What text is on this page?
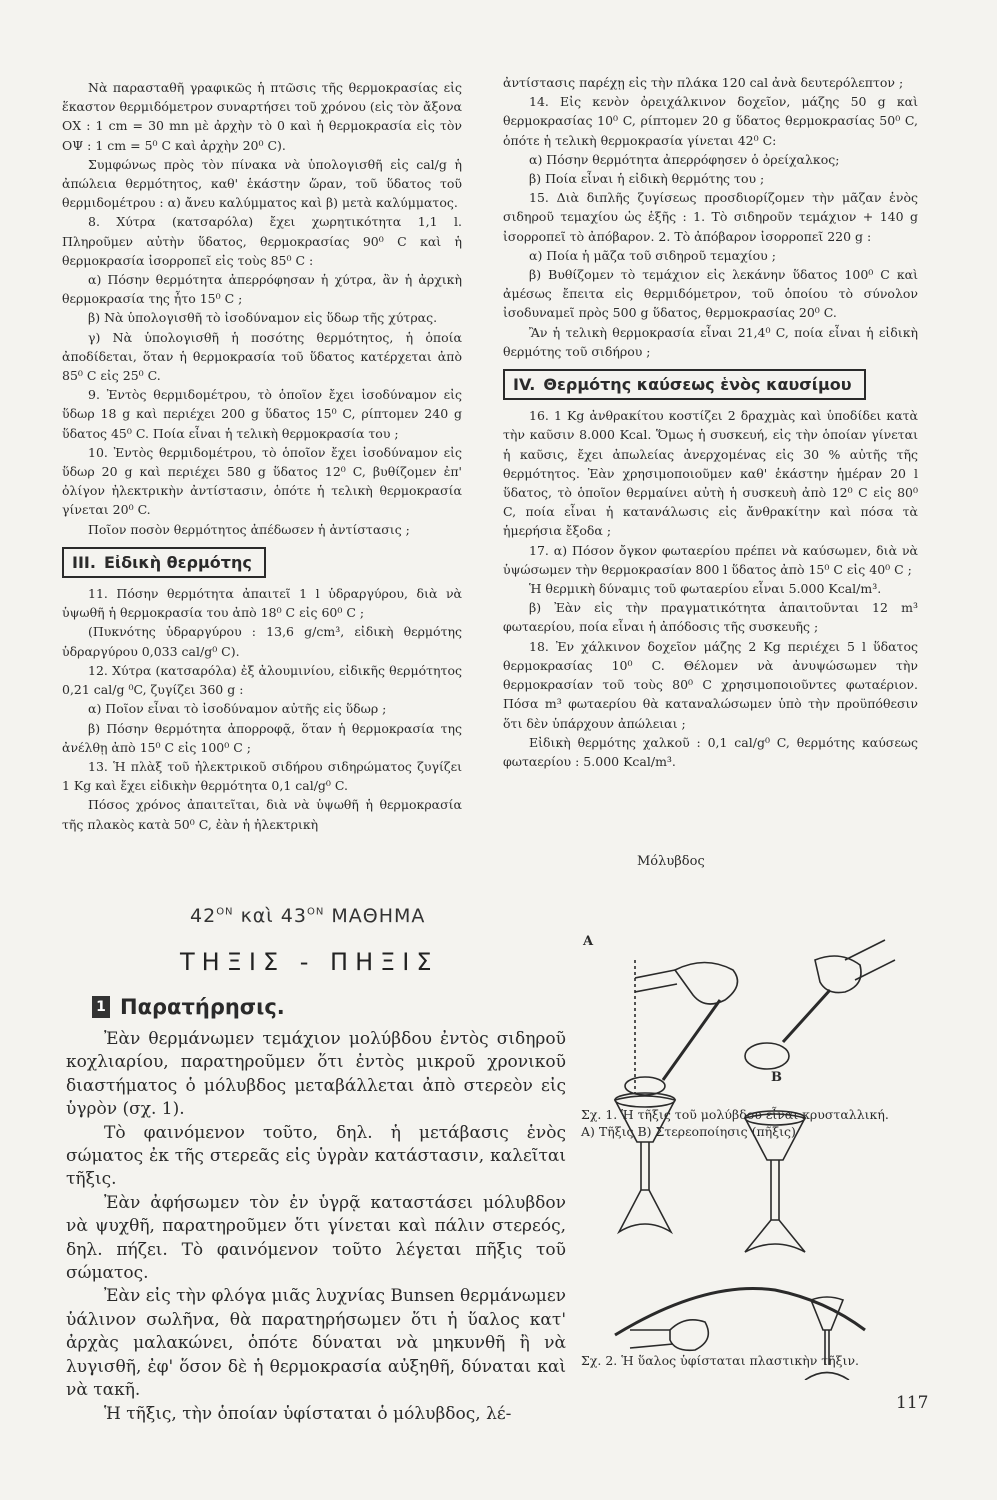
Νὰ παρασταθῆ γραφικῶς ἡ πτῶσις τῆς θερμοκρασίας εἰς ἕκαστον θερμιδόμετρον συναρτήσει τοῦ χρόνου (εἰς τὸν ἄξονα ΟΧ : 1 cm = 30 mn μὲ ἀρχὴν τὸ 0 καὶ ἡ θερμοκρασία εἰς τὸν ΟΨ : 1 cm = 5⁰ C καὶ ἀρχὴν 20⁰ C).

Συμφώνως πρὸς τὸν πίνακα νὰ ὑπολογισθῆ εἰς cal/g ἡ ἀπώλεια θερμότητος, καθ' ἑκάστην ὥραν, τοῦ ὕδατος τοῦ θερμιδομέτρου : α) ἄνευ καλύμματος καὶ β) μετὰ καλύμματος.

8. Χύτρα (κατσαρόλα) ἔχει χωρητικότητα 1,1 l. Πληροῦμεν αὐτὴν ὕδατος, θερμοκρασίας 90⁰ C καὶ ἡ θερμοκρασία ἰσορροπεῖ εἰς τοὺς 85⁰ C :

α) Πόσην θερμότητα ἀπερρόφησαν ἡ χύτρα, ἂν ἡ ἀρχικὴ θερμοκρασία της ἦτο 15⁰ C ;

β) Νὰ ὑπολογισθῆ τὸ ἰσοδύναμον εἰς ὕδωρ τῆς χύτρας.

γ) Νὰ ὑπολογισθῆ ἡ ποσότης θερμότητος, ἡ ὁποία ἀποδίδεται, ὅταν ἡ θερμοκρασία τοῦ ὕδατος κατέρχεται ἀπὸ 85⁰ C εἰς 25⁰ C.

9. Ἐντὸς θερμιδομέτρου, τὸ ὁποῖον ἔχει ἰσοδύναμον εἰς ὕδωρ 18 g καὶ περιέχει 200 g ὕδατος 15⁰ C, ρίπτομεν 240 g ὕδατος 45⁰ C. Ποία εἶναι ἡ τελικὴ θερμοκρασία του ;

10. Ἐντὸς θερμιδομέτρου, τὸ ὁποῖον ἔχει ἰσοδύναμον εἰς ὕδωρ 20 g καὶ περιέχει 580 g ὕδατος 12⁰ C, βυθίζομεν ἐπ' ὀλίγον ἠλεκτρικὴν ἀντίστασιν, ὁπότε ἡ τελικὴ θερμοκρασία γίνεται 20⁰ C.

Ποῖον ποσὸν θερμότητος ἀπέδωσεν ἡ ἀντίστασις ;

III. Εἰδικὴ θερμότης

11. Πόσην θερμότητα ἀπαιτεῖ 1 l ὑδραργύρου, διὰ νὰ ὑψωθῆ ἡ θερμοκρασία του ἀπὸ 18⁰ C εἰς 60⁰ C ;

(Πυκνότης ὑδραργύρου : 13,6 g/cm³, εἰδικὴ θερμότης ὑδραργύρου 0,033 cal/g⁰ C).

12. Χύτρα (κατσαρόλα) ἐξ ἀλουμινίου, εἰδικῆς θερμότητος 0,21 cal/g ⁰C, ζυγίζει 360 g :

α) Ποῖον εἶναι τὸ ἰσοδύναμον αὐτῆς εἰς ὕδωρ ;

β) Πόσην θερμότητα ἀπορροφᾷ, ὅταν ἡ θερμοκρασία της ἀνέλθῃ ἀπὸ 15⁰ C εἰς 100⁰ C ;

13. Ἡ πλὰξ τοῦ ἠλεκτρικοῦ σιδήρου σιδηρώματος ζυγίζει 1 Kg καὶ ἔχει εἰδικὴν θερμότητα 0,1 cal/g⁰ C.

Πόσος χρόνος ἀπαιτεῖται, διὰ νὰ ὑψωθῆ ἡ θερμοκρασία τῆς πλακὸς κατὰ 50⁰ C, ἐὰν ἡ ἠλεκτρικὴ

ἀντίστασις παρέχῃ εἰς τὴν πλάκα 120 cal ἀνὰ δευτερόλεπτον ;

14. Εἰς κενὸν ὀρειχάλκινον δοχεῖον, μάζης 50 g καὶ θερμοκρασίας 10⁰ C, ρίπτομεν 20 g ὕδατος θερμοκρασίας 50⁰ C, ὁπότε ἡ τελικὴ θερμοκρασία γίνεται 42⁰ C:

α) Πόσην θερμότητα ἀπερρόφησεν ὁ ὀρείχαλκος;

β) Ποία εἶναι ἡ εἰδικὴ θερμότης του ;

15. Διὰ διπλῆς ζυγίσεως προσδιορίζομεν τὴν μᾶζαν ἑνὸς σιδηροῦ τεμαχίου ὡς ἑξῆς : 1. Τὸ σιδηροῦν τεμάχιον + 140 g ἰσορροπεῖ τὸ ἀπόβαρον. 2. Τὸ ἀπόβαρον ἰσορροπεῖ 220 g :

α) Ποία ἡ μᾶζα τοῦ σιδηροῦ τεμαχίου ;

β) Βυθίζομεν τὸ τεμάχιον εἰς λεκάνην ὕδατος 100⁰ C καὶ ἀμέσως ἔπειτα εἰς θερμιδόμετρον, τοῦ ὁποίου τὸ σύνολον ἰσοδυναμεῖ πρὸς 500 g ὕδατος, θερμοκρασίας 20⁰ C.

Ἂν ἡ τελικὴ θερμοκρασία εἶναι 21,4⁰ C, ποία εἶναι ἡ εἰδικὴ θερμότης τοῦ σιδήρου ;

IV. Θερμότης καύσεως ἑνὸς καυσίμου

16. 1 Kg ἀνθρακίτου κοστίζει 2 δραχμὰς καὶ ὑποδίδει κατὰ τὴν καῦσιν 8.000 Kcal. Ὅμως ἡ συσκευή, εἰς τὴν ὁποίαν γίνεται ἡ καῦσις, ἔχει ἀπωλείας ἀνερχομένας εἰς 30 % αὐτῆς τῆς θερμότητος. Ἐὰν χρησιμοποιοῦμεν καθ' ἑκάστην ἡμέραν 20 l ὕδατος, τὸ ὁποῖον θερμαίνει αὐτὴ ἡ συσκευὴ ἀπὸ 12⁰ C εἰς 80⁰ C, ποία εἶναι ἡ κατανάλωσις εἰς ἄνθρακίτην καὶ πόσα τὰ ἡμερήσια ἔξοδα ;

17. α) Πόσον ὄγκον φωταερίου πρέπει νὰ καύσωμεν, διὰ νὰ ὑψώσωμεν τὴν θερμοκρασίαν 800 l ὕδατος ἀπὸ 15⁰ C εἰς 40⁰ C ;

Ἡ θερμικὴ δύναμις τοῦ φωταερίου εἶναι 5.000 Kcal/m³.

β) Ἐὰν εἰς τὴν πραγματικότητα ἀπαιτοῦνται 12 m³ φωταερίου, ποία εἶναι ἡ ἀπόδοσις τῆς συσκευῆς ;

18. Ἐν χάλκινον δοχεῖον μάζης 2 Kg περιέχει 5 l ὕδατος θερμοκρασίας 10⁰ C. Θέλομεν νὰ ἀνυψώσωμεν τὴν θερμοκρασίαν τοῦ τοὺς 80⁰ C χρησιμοποιοῦντες φωταέριον. Πόσα m³ φωταερίου θὰ καταναλώσωμεν ὑπὸ τὴν προϋπόθεσιν ὅτι δὲν ὑπάρχουν ἀπώλειαι ;

Εἰδικὴ θερμότης χαλκοῦ : 0,1 cal/g⁰ C, θερμότης καύσεως φωταερίου : 5.000 Kcal/m³.

$42^{ON}$ καὶ $43^{ON}$ ΜΑΘΗΜΑ
ΤΗΞΙΣ - ΠΗΞΙΣ
1 Παρατήρησις.

Ἐὰν θερμάνωμεν τεμάχιον μολύβδου ἐντὸς σιδηροῦ κοχλιαρίου, παρατηροῦμεν ὅτι ἐντὸς μικροῦ χρονικοῦ διαστήματος ὁ μόλυβδος μεταβάλλεται ἀπὸ στερεὸν εἰς ὑγρὸν (σχ. 1).

Τὸ φαινόμενον τοῦτο, δηλ. ἡ μετάβασις ἑνὸς σώματος ἐκ τῆς στερεᾶς εἰς ὑγρὰν κατάστασιν, καλεῖται τῆξις.

Ἐὰν ἀφήσωμεν τὸν ἐν ὑγρᾷ καταστάσει μόλυβδον νὰ ψυχθῆ, παρατηροῦμεν ὅτι γίνεται καὶ πάλιν στερεός, δηλ. πήζει. Τὸ φαινόμενον τοῦτο λέγεται πῆξις τοῦ σώματος.

Ἐὰν εἰς τὴν φλόγα μιᾶς λυχνίας Bunsen θερμάνωμεν ὑάλινον σωλῆνα, θὰ παρατηρήσωμεν ὅτι ἡ ὕαλος κατ' ἀρχὰς μαλακώνει, ὁπότε δύναται νὰ μηκυνθῆ ἢ νὰ λυγισθῆ, ἐφ' ὅσον δὲ ἡ θερμοκρασία αὐξηθῆ, δύναται καὶ νὰ τακῆ.

Ἡ τῆξις, τὴν ὁποίαν ὑφίσταται ὁ μόλυβδος, λέ-

Μόλυβδος
Α
Β
Σχ. 1. Ἡ τῆξις τοῦ μολύβδου εἶναι κρυσταλλική.
Α) Τῆξις Β) Στερεοποίησις (πῆξις)
Σχ. 2. Ἡ ὕαλος ὑφίσταται πλαστικὴν τῆξιν.
117
